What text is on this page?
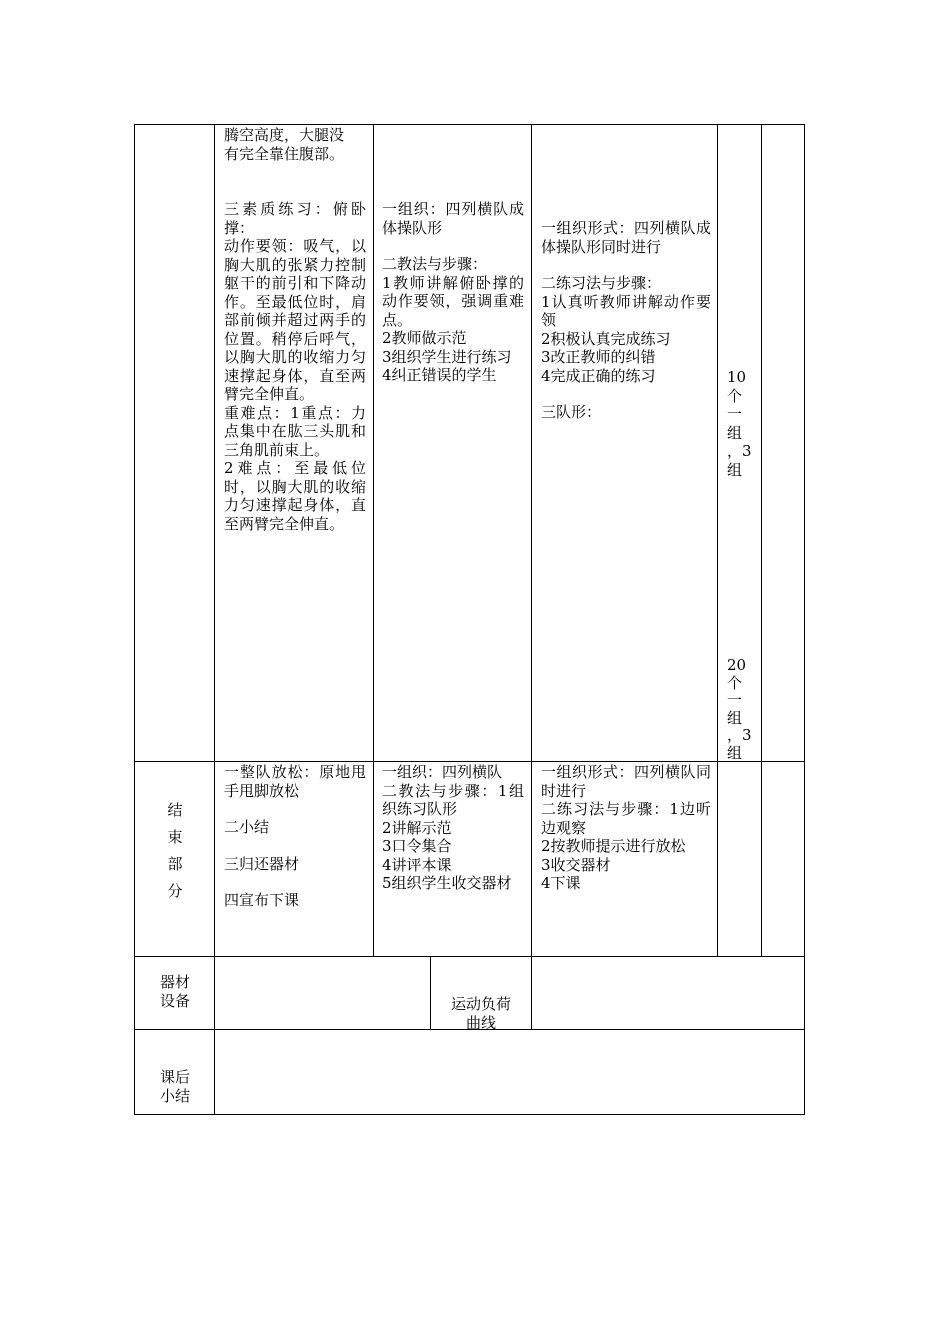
腾空高度，大腿没
有完全靠住腹部。
三素质练习：俯卧撑：
动作要领：吸气，以胸大肌的张紧力控制躯干的前引和下降动作。至最低位时，肩部前倾并超过两手的位置。稍停后呼气，以胸大肌的收缩力匀速撑起身体，直至两臂完全伸直。
重难点：1重点：力点集中在肱三头肌和三角肌前束上。
2难点：至最低位时，以胸大肌的收缩力匀速撑起身体，直至两臂完全伸直。
一组织：四列横队成体操队形
二教法与步骤：
1教师讲解俯卧撑的动作要领，强调重难点。
2教师做示范
3组织学生进行练习
4纠正错误的学生
一组织形式：四列横队成体操队形同时进行
二练习法与步骤：
1认真听教师讲解动作要领
2积极认真完成练习
3改正教师的纠错
4完成正确的练习
三队形：
10
个
一
组
，3
组
20
个
一
组
，3
组
结
束
部
分
一整队放松：原地甩手甩脚放松
二小结
三归还器材
四宣布下课
一组织：四列横队
二教法与步骤：1组织练习队形
2讲解示范
3口令集合
4讲评本课
5组织学生收交器材
一组织形式：四列横队同时进行
二练习法与步骤：1边听边观察
2按教师提示进行放松
3收交器材
4下课
器材
设备	运动负荷
曲线
课后
小结
